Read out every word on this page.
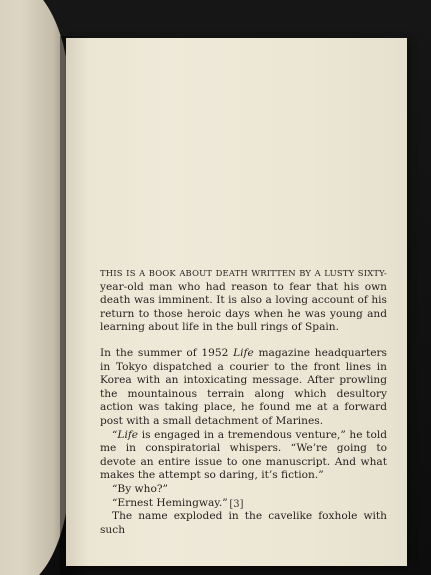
THIS IS A BOOK ABOUT DEATH WRITTEN BY A LUSTY SIXTY- year-old man who had reason to fear that his own death was imminent. It is also a loving account of his return to those heroic days when he was young and learning about life in the bull rings of Spain.

In the summer of 1952 Life magazine headquarters in Tokyo dispatched a courier to the front lines in Korea with an intoxicating message. After prowling the mountainous terrain along which desultory action was taking place, he found me at a forward post with a small detachment of Marines.

“Life is engaged in a tremendous venture,” he told me in conspiratorial whispers. “We’re going to devote an entire issue to one manuscript. And what makes the attempt so daring, it’s fiction.”

“By who?”

“Ernest Hemingway.”

The name exploded in the cavelike foxhole with such

[3]
